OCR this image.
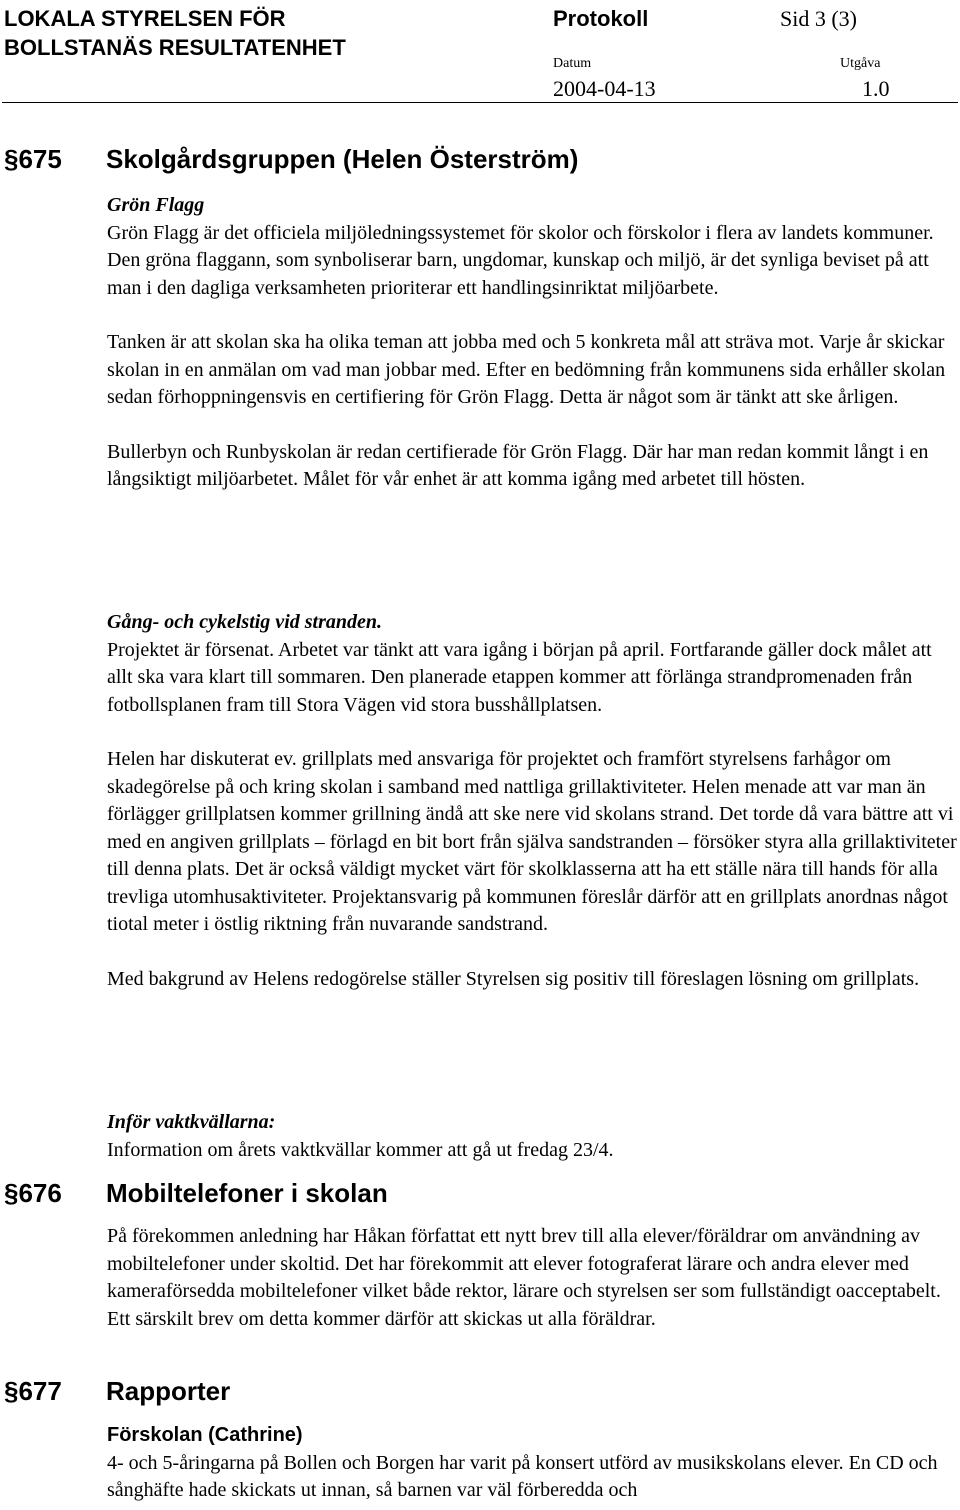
LOKALA STYRELSEN FÖR
BOLLSTANÄS RESULTATENHET
Protokoll	Sid 3 (3)
Datum	Utgåva
2004-04-13	1.0
§675 Skolgårdsgruppen (Helen Österström)

Grön Flagg

Grön Flagg är det officiela miljöledningssystemet för skolor och förskolor i flera av landets kommuner. Den gröna flaggann, som synboliserar barn, ungdomar, kunskap och miljö, är det synliga beviset på att man i den dagliga verksamheten prioriterar ett handlingsinriktat miljöarbete.

Tanken är att skolan ska ha olika teman att jobba med och 5 konkreta mål att sträva mot. Varje år skickar skolan in en anmälan om vad man jobbar med. Efter en bedömning från kommunens sida erhåller skolan sedan förhoppningensvis en certifiering för Grön Flagg. Detta är något som är tänkt att ske årligen.

Bullerbyn och Runbyskolan är redan certifierade för Grön Flagg. Där har man redan kommit långt i en långsiktigt miljöarbetet. Målet för vår enhet är att komma igång med arbetet till hösten.

Gång- och cykelstig vid stranden.

Projektet är försenat. Arbetet var tänkt att vara igång i början på april. Fortfarande gäller dock målet att allt ska vara klart till sommaren. Den planerade etappen kommer att förlänga strandpromenaden från fotbollsplanen fram till Stora Vägen vid stora busshållplatsen.

Helen har diskuterat ev. grillplats med ansvariga för projektet och framfört styrelsens farhågor om skadegörelse på och kring skolan i samband med nattliga grillaktiviteter. Helen menade att var man än förlägger grillplatsen kommer grillning ändå att ske nere vid skolans strand. Det torde då vara bättre att vi med en angiven grillplats – förlagd en bit bort från själva sandstranden – försöker styra alla grillaktiviteter till denna plats. Det är också väldigt mycket värt för skolklasserna att ha ett ställe nära till hands för alla trevliga utomhusaktiviteter. Projektansvarig på kommunen föreslår därför att en grillplats anordnas något tiotal meter i östlig riktning från nuvarande sandstrand.

Med bakgrund av Helens redogörelse ställer Styrelsen sig positiv till föreslagen lösning om grillplats.

Inför vaktkvällarna:

Information om årets vaktkvällar kommer att gå ut fredag 23/4.

§676 Mobiltelefoner i skolan

På förekommen anledning har Håkan författat ett nytt brev till alla elever/föräldrar om användning av mobiltelefoner under skoltid. Det har förekommit att elever fotograferat lärare och andra elever med kameraförsedda mobiltelefoner vilket både rektor, lärare och styrelsen ser som fullständigt oacceptabelt. Ett särskilt brev om detta kommer därför att skickas ut alla föräldrar.

§677 Rapporter

Förskolan (Cathrine)

4- och 5-åringarna på Bollen och Borgen har varit på konsert utförd av musikskolans elever. En CD och sånghäfte hade skickats ut innan, så barnen var väl förberedda och
